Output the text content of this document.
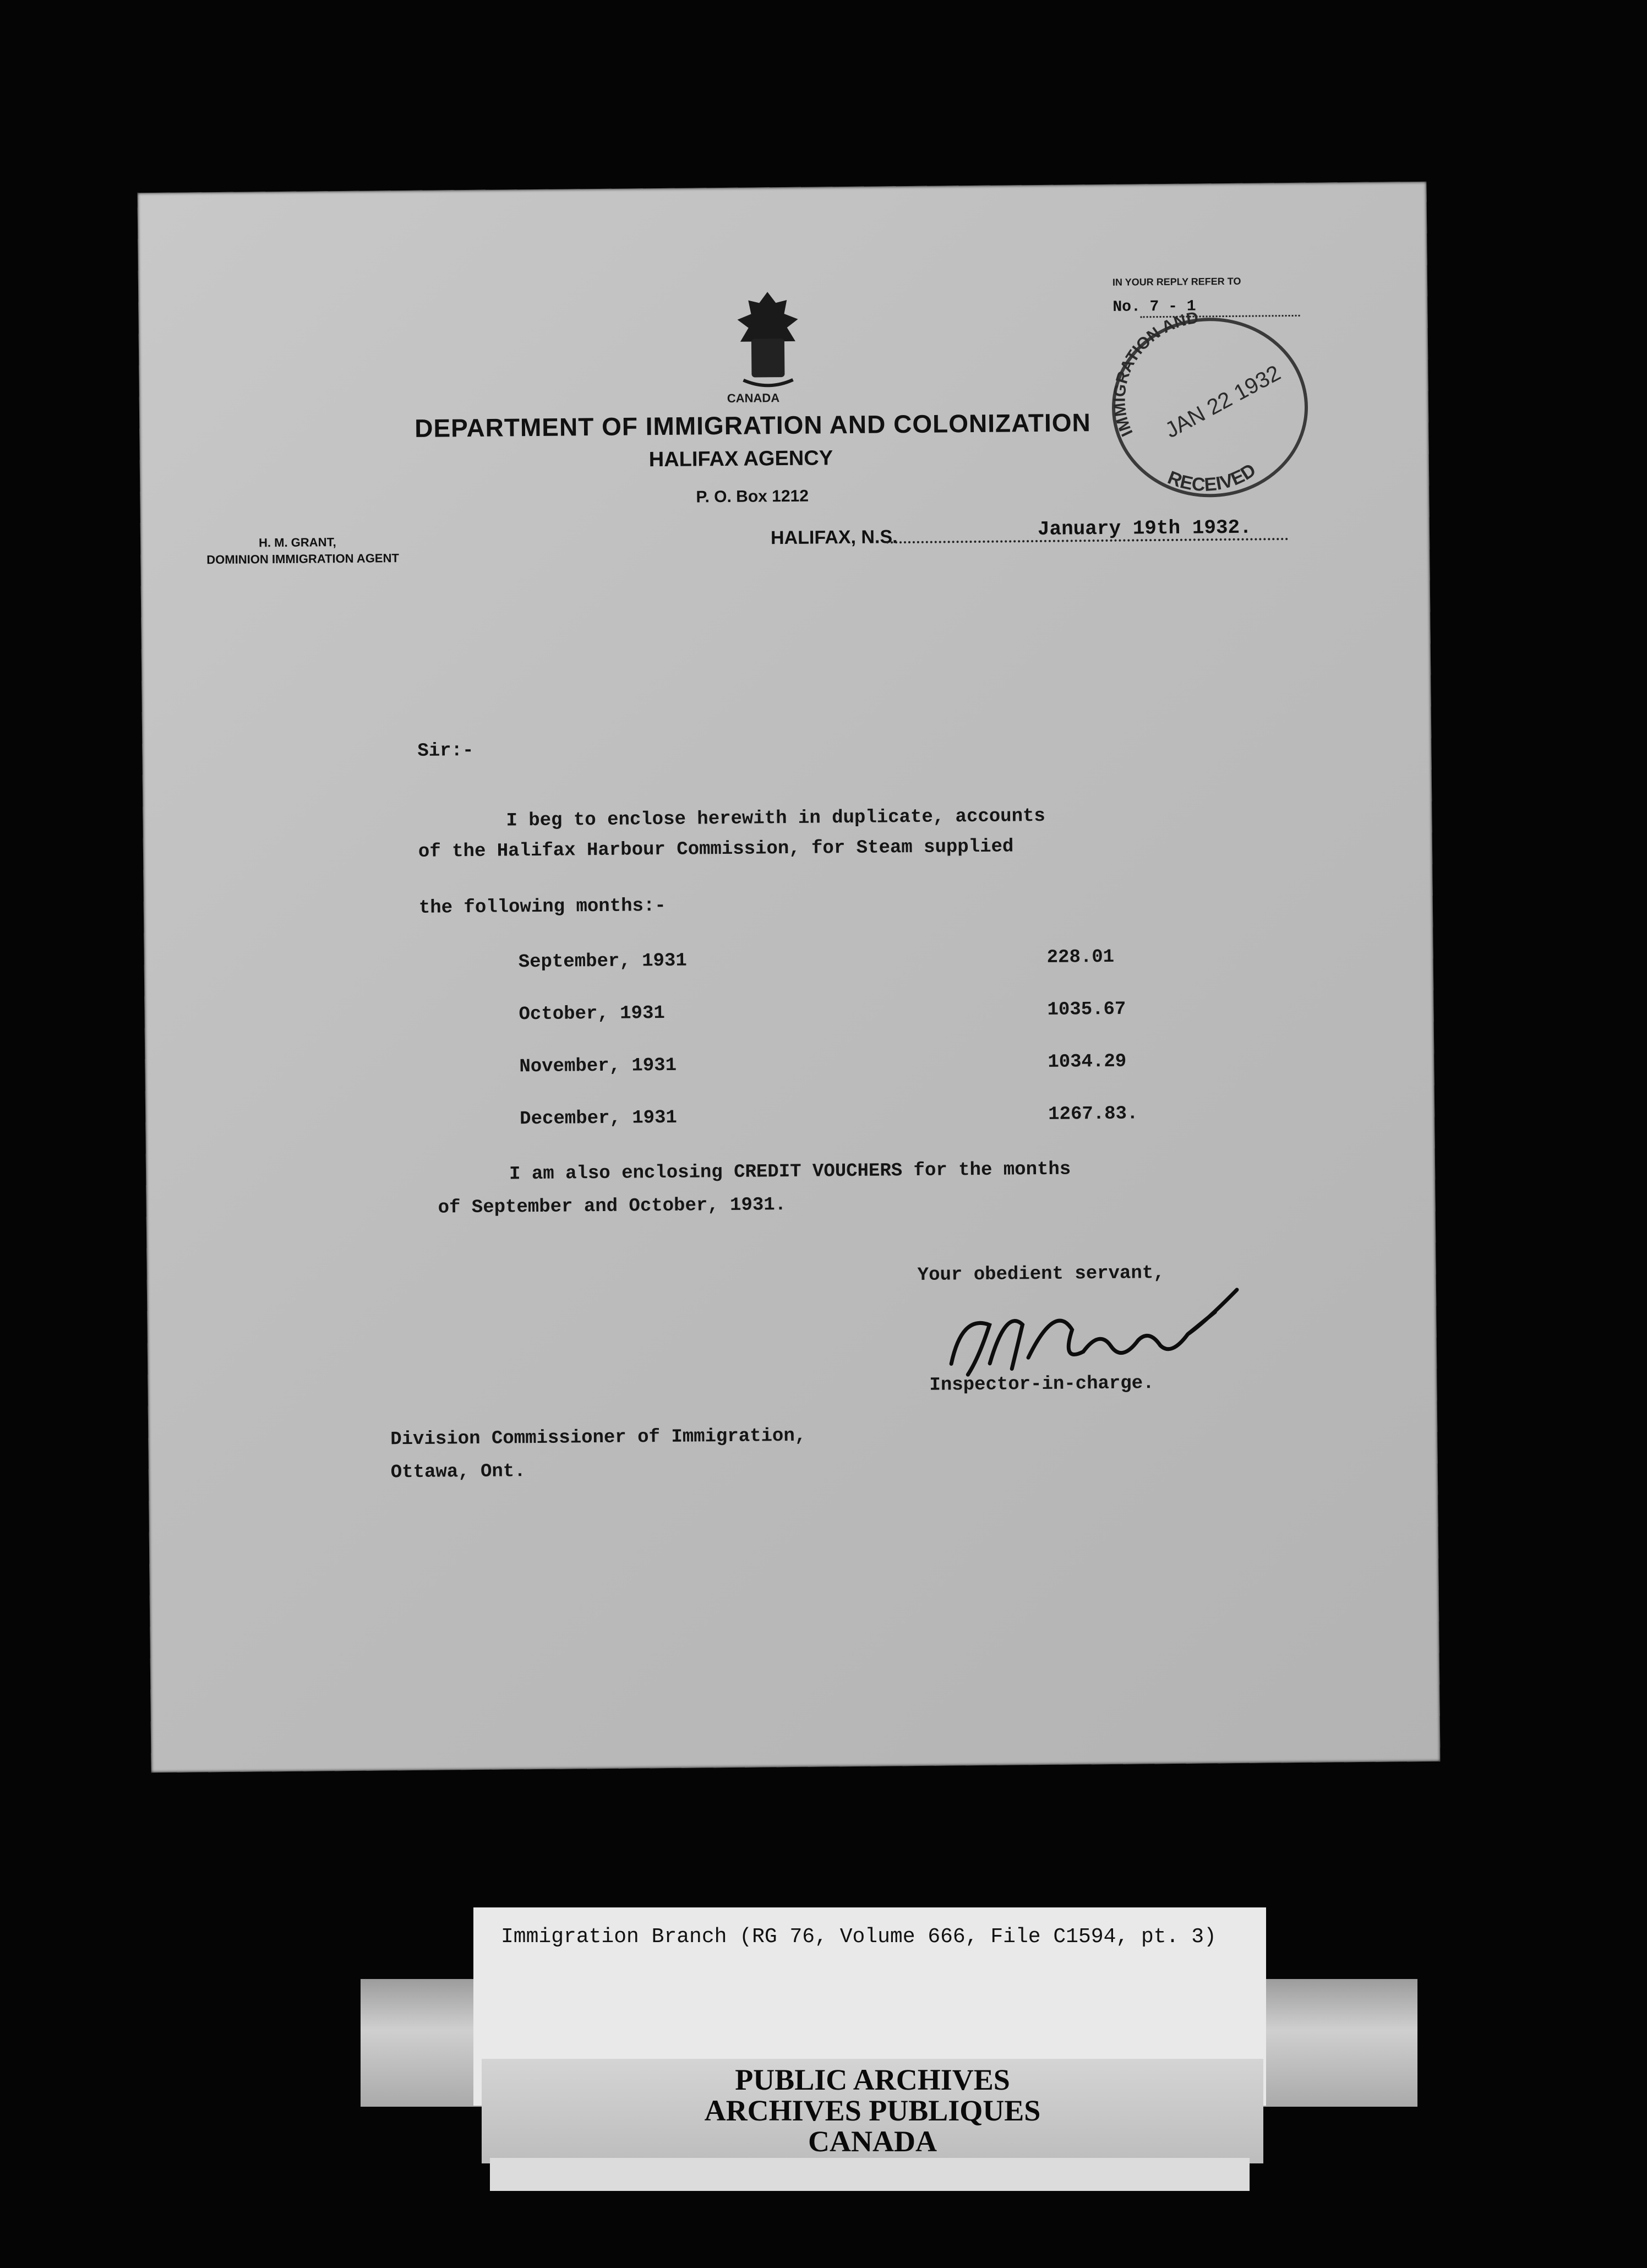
CANADA
DEPARTMENT OF IMMIGRATION AND COLONIZATION
HALIFAX AGENCY
P. O. Box 1212
H. M. GRANT,
DOMINION IMMIGRATION AGENT
HALIFAX, N.S.	January 19th 1932.
IN YOUR REPLY REFER TO
No. 7 - 1
IMMIGRATION AND
JAN 22 1932
RECEIVED
Sir:-
I beg to enclose herewith in duplicate, accounts
of the Halifax Harbour Commission, for Steam supplied
the following months:-
September, 1931	228.01
October, 1931	1035.67
November, 1931	1034.29
December, 1931	1267.83.
I am also enclosing CREDIT VOUCHERS for the months
of September and October, 1931.
Your obedient servant,
Inspector-in-charge.
Division Commissioner of Immigration,
Ottawa, Ont.
Immigration Branch (RG 76, Volume 666, File C1594, pt. 3)
PUBLIC ARCHIVES
ARCHIVES PUBLIQUES
CANADA
